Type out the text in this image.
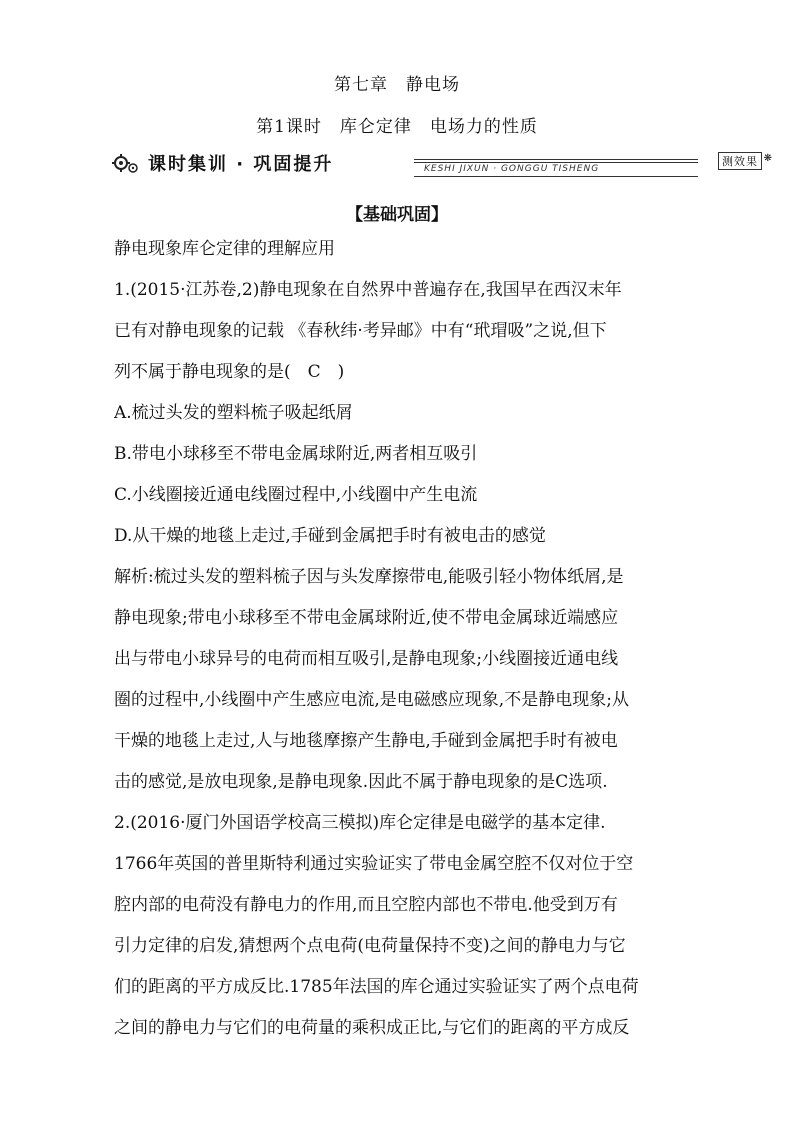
第七章　静电场
第1课时　库仑定律　电场力的性质
课时集训 · 巩固提升	KESHI JIXUN · GONGGU TISHENG
测效果 ❋
【基础巩固】
静电现象库仑定律的理解应用
1.(2015·江苏卷,2)静电现象在自然界中普遍存在,我国早在西汉末年
已有对静电现象的记载 《春秋纬·考异邮》中有“玳瑁吸”之说,但下
列不属于静电现象的是(　C　)
A.梳过头发的塑料梳子吸起纸屑
B.带电小球移至不带电金属球附近,两者相互吸引
C.小线圈接近通电线圈过程中,小线圈中产生电流
D.从干燥的地毯上走过,手碰到金属把手时有被电击的感觉
解析:梳过头发的塑料梳子因与头发摩擦带电,能吸引轻小物体纸屑,是
静电现象;带电小球移至不带电金属球附近,使不带电金属球近端感应
出与带电小球异号的电荷而相互吸引,是静电现象;小线圈接近通电线
圈的过程中,小线圈中产生感应电流,是电磁感应现象,不是静电现象;从
干燥的地毯上走过,人与地毯摩擦产生静电,手碰到金属把手时有被电
击的感觉,是放电现象,是静电现象.因此不属于静电现象的是C选项.
2.(2016·厦门外国语学校高三模拟)库仑定律是电磁学的基本定律.
1766年英国的普里斯特利通过实验证实了带电金属空腔不仅对位于空
腔内部的电荷没有静电力的作用,而且空腔内部也不带电.他受到万有
引力定律的启发,猜想两个点电荷(电荷量保持不变)之间的静电力与它
们的距离的平方成反比.1785年法国的库仑通过实验证实了两个点电荷
之间的静电力与它们的电荷量的乘积成正比,与它们的距离的平方成反
